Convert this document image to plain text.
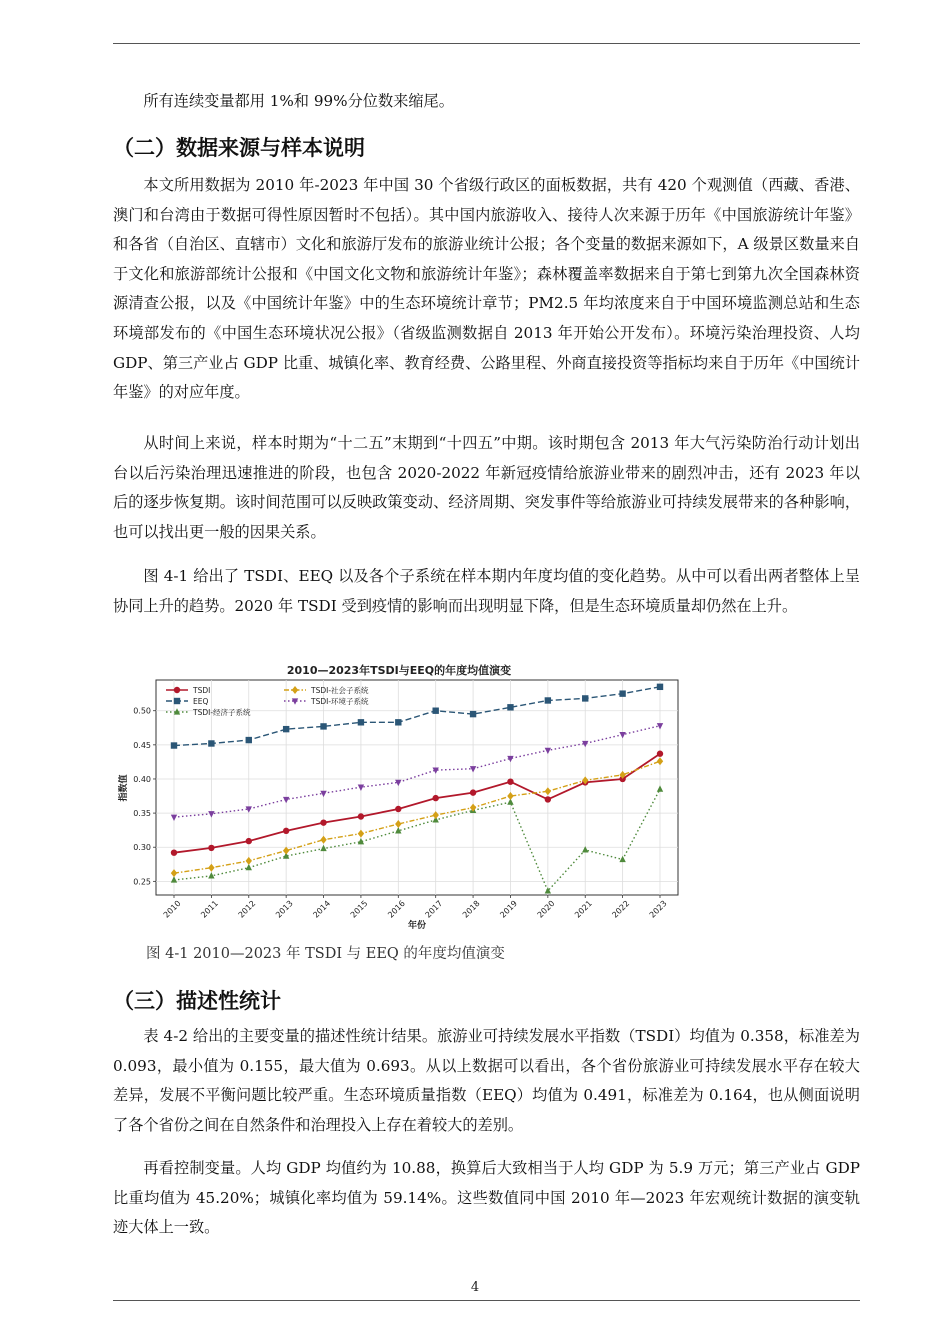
所有连续变量都用 1%和 99%分位数来缩尾。

（二）数据来源与样本说明

本文所用数据为 2010 年-2023 年中国 30 个省级行政区的面板数据，共有 420 个观测值（西藏、香港、澳门和台湾由于数据可得性原因暂时不包括）。其中国内旅游收入、接待人次来源于历年《中国旅游统计年鉴》和各省（自治区、直辖市）文化和旅游厅发布的旅游业统计公报；各个变量的数据来源如下，A 级景区数量来自于文化和旅游部统计公报和《中国文化文物和旅游统计年鉴》；森林覆盖率数据来自于第七到第九次全国森林资源清查公报，以及《中国统计年鉴》中的生态环境统计章节；PM2.5 年均浓度来自于中国环境监测总站和生态环境部发布的《中国生态环境状况公报》（省级监测数据自 2013 年开始公开发布）。环境污染治理投资、人均 GDP、第三产业占 GDP 比重、城镇化率、教育经费、公路里程、外商直接投资等指标均来自于历年《中国统计年鉴》的对应年度。

从时间上来说，样本时期为“十二五”末期到“十四五”中期。该时期包含 2013 年大气污染防治行动计划出台以后污染治理迅速推进的阶段，也包含 2020-2022 年新冠疫情给旅游业带来的剧烈冲击，还有 2023 年以后的逐步恢复期。该时间范围可以反映政策变动、经济周期、突发事件等给旅游业可持续发展带来的各种影响，也可以找出更一般的因果关系。

图 4-1 给出了 TSDI、EEQ 以及各个子系统在样本期内年度均值的变化趋势。从中可以看出两者整体上呈协同上升的趋势。2020 年 TSDI 受到疫情的影响而出现明显下降，但是生态环境质量却仍然在上升。

2010—2023年TSDI与EEQ的年度均值演变
0.25
0.30
0.35
0.40
0.45
0.50
2010 2011 2012 2013 2014 2015 2016 2017 2018 2019 2020 2021 2022 2023
TSDI
EEQ
TSDI-经济子系统
TSDI-社会子系统
TSDI-环境子系统
指数值
年份

图 4-1 2010—2023 年 TSDI 与 EEQ 的年度均值演变

（三）描述性统计

表 4-2 给出的主要变量的描述性统计结果。旅游业可持续发展水平指数（TSDI）均值为 0.358，标准差为 0.093，最小值为 0.155，最大值为 0.693。从以上数据可以看出，各个省份旅游业可持续发展水平存在较大差异，发展不平衡问题比较严重。生态环境质量指数（EEQ）均值为 0.491，标准差为 0.164，也从侧面说明了各个省份之间在自然条件和治理投入上存在着较大的差别。

再看控制变量。人均 GDP 均值约为 10.88，换算后大致相当于人均 GDP 为 5.9 万元；第三产业占 GDP 比重均值为 45.20%；城镇化率均值为 59.14%。这些数值同中国 2010 年—2023 年宏观统计数据的演变轨迹大体上一致。

4
